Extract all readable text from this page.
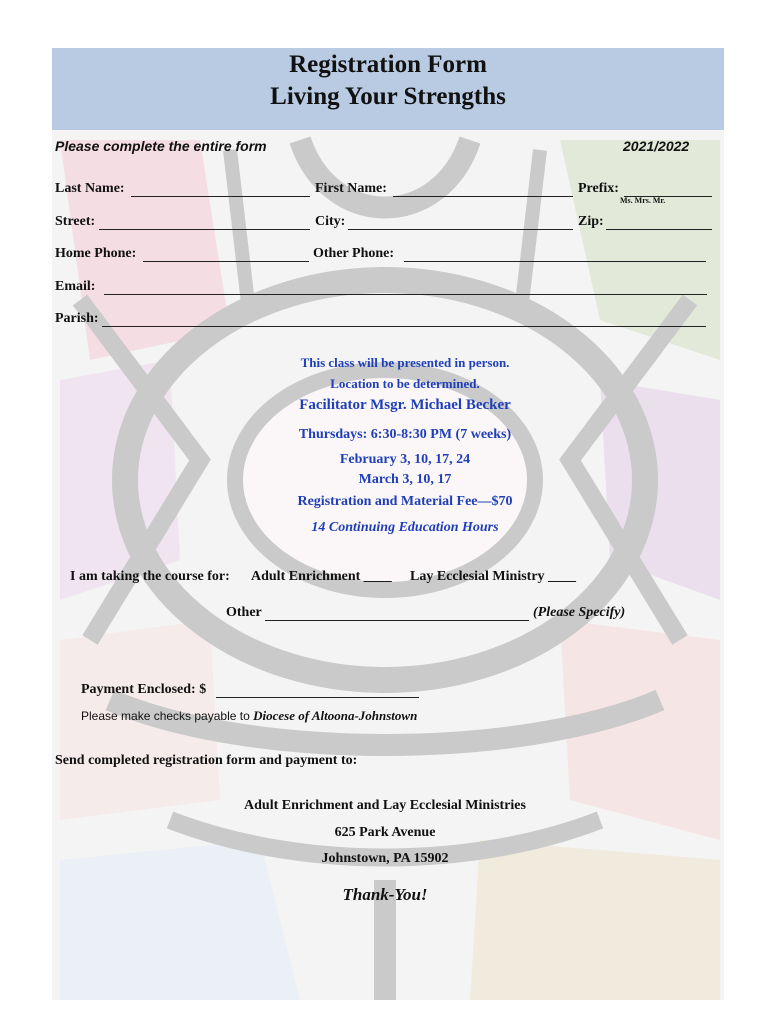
Registration Form
Living Your Strengths
Please complete the entire form	2021/2022
Last Name:	First Name:	Prefix:
Ms. Mrs. Mr.
Street:	City:	Zip:
Home Phone:	Other Phone:
Email:
Parish:
This class will be presented in person.
Location to be determined.
Facilitator Msgr. Michael Becker
Thursdays: 6:30-8:30 PM (7 weeks)
February 3, 10, 17, 24
March 3, 10, 17
Registration and Material Fee—$70
14 Continuing Education Hours
I am taking the course for: Adult Enrichment ____ Lay Ecclesial Ministry ____
Other	(Please Specify)
Payment Enclosed: $
Please make checks payable to Diocese of Altoona-Johnstown
Send completed registration form and payment to:
Adult Enrichment and Lay Ecclesial Ministries
625 Park Avenue
Johnstown, PA 15902
Thank-You!
